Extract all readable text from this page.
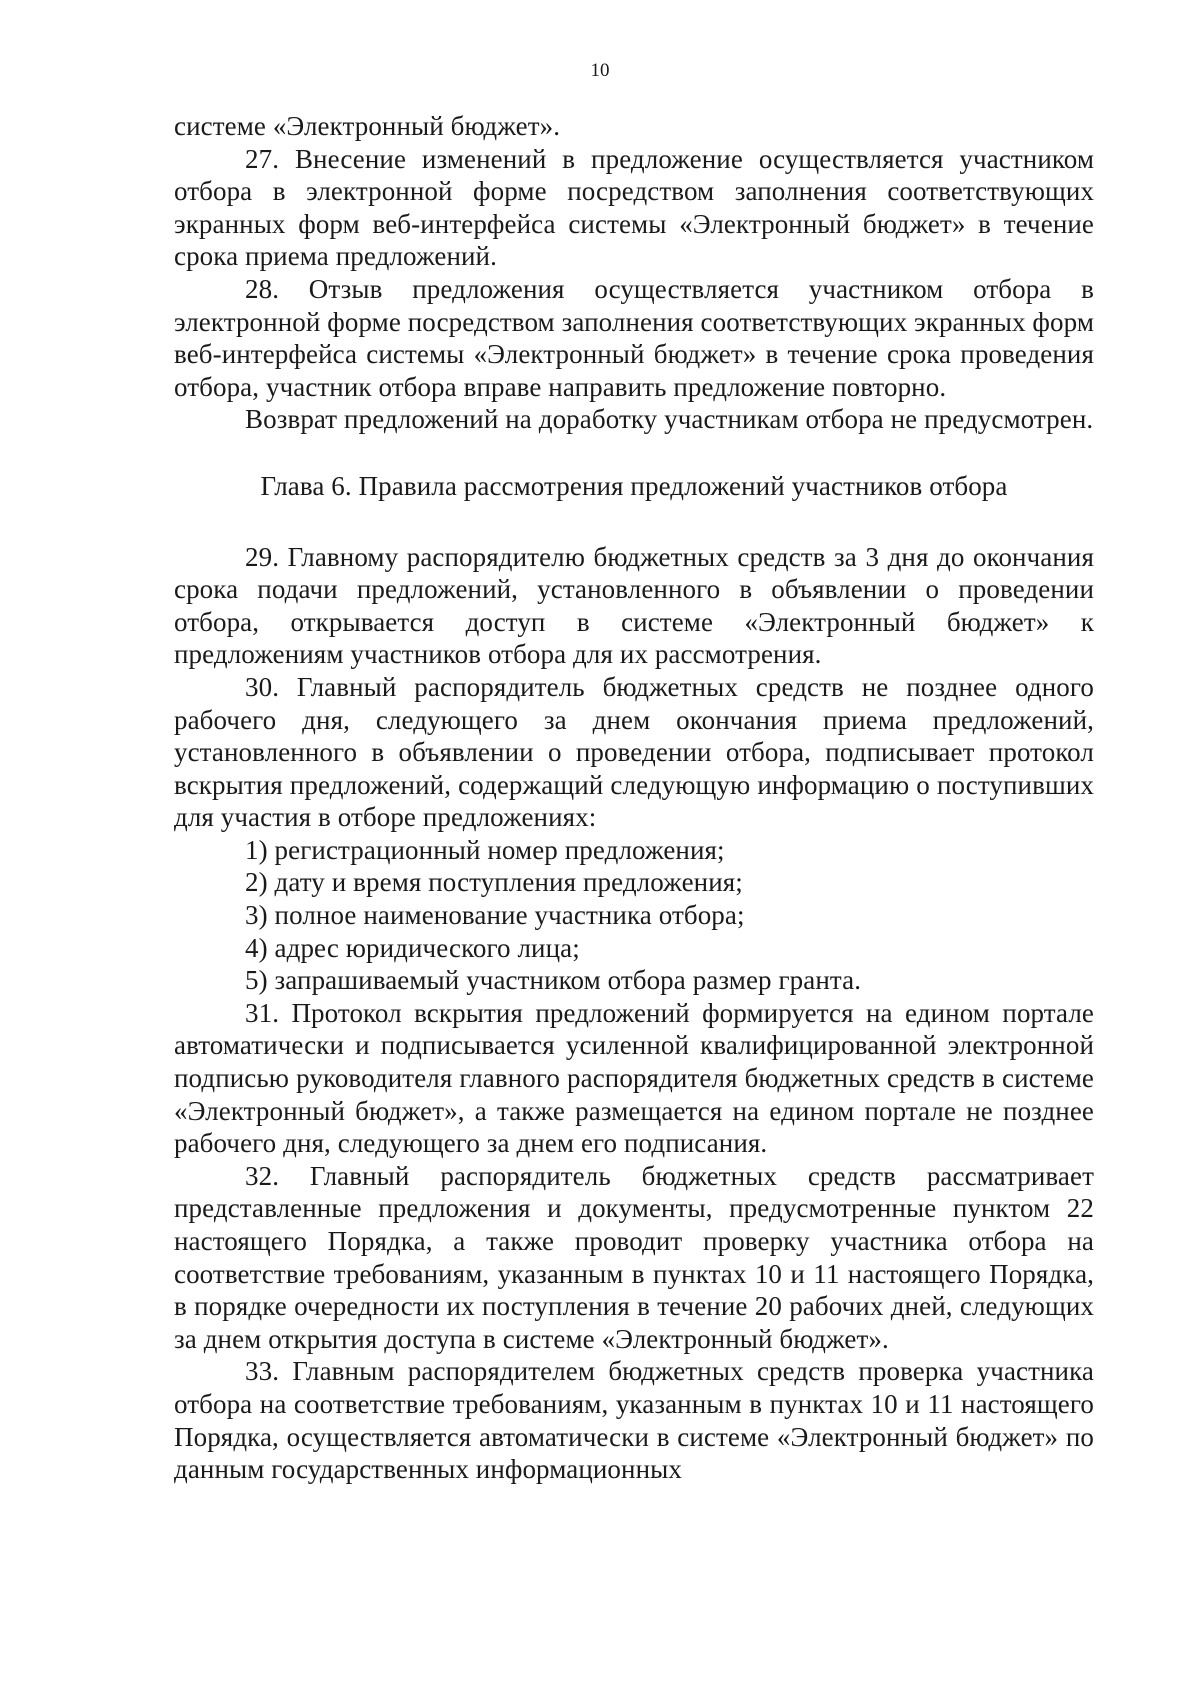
10

системе «Электронный бюджет».

27. Внесение изменений в предложение осуществляется участником отбора в электронной форме посредством заполнения соответствующих экранных форм веб-интерфейса системы «Электронный бюджет» в течение срока приема предложений.

28. Отзыв предложения осуществляется участником отбора в электронной форме посредством заполнения соответствующих экранных форм веб-интерфейса системы «Электронный бюджет» в течение срока проведения отбора, участник отбора вправе направить предложение повторно.

Возврат предложений на доработку участникам отбора не предусмотрен.

Глава 6. Правила рассмотрения предложений участников отбора

29. Главному распорядителю бюджетных средств за 3 дня до окончания срока подачи предложений, установленного в объявлении о проведении отбора, открывается доступ в системе «Электронный бюджет» к предложениям участников отбора для их рассмотрения.

30. Главный распорядитель бюджетных средств не позднее одного рабочего дня, следующего за днем окончания приема предложений, установленного в объявлении о проведении отбора, подписывает протокол вскрытия предложений, содержащий следующую информацию о поступивших для участия в отборе предложениях:

1) регистрационный номер предложения;

2) дату и время поступления предложения;

3) полное наименование участника отбора;

4) адрес юридического лица;

5) запрашиваемый участником отбора размер гранта.

31. Протокол вскрытия предложений формируется на едином портале автоматически и подписывается усиленной квалифицированной электронной подписью руководителя главного распорядителя бюджетных средств в системе «Электронный бюджет», а также размещается на едином портале не позднее рабочего дня, следующего за днем его подписания.

32. Главный распорядитель бюджетных средств рассматривает представленные предложения и документы, предусмотренные пунктом 22 настоящего Порядка, а также проводит проверку участника отбора на соответствие требованиям, указанным в пунктах 10 и 11 настоящего Порядка, в порядке очередности их поступления в течение 20 рабочих дней, следующих за днем открытия доступа в системе «Электронный бюджет».

33. Главным распорядителем бюджетных средств проверка участника отбора на соответствие требованиям, указанным в пунктах 10 и 11 настоящего Порядка, осуществляется автоматически в системе «Электронный бюджет» по данным государственных информационных
